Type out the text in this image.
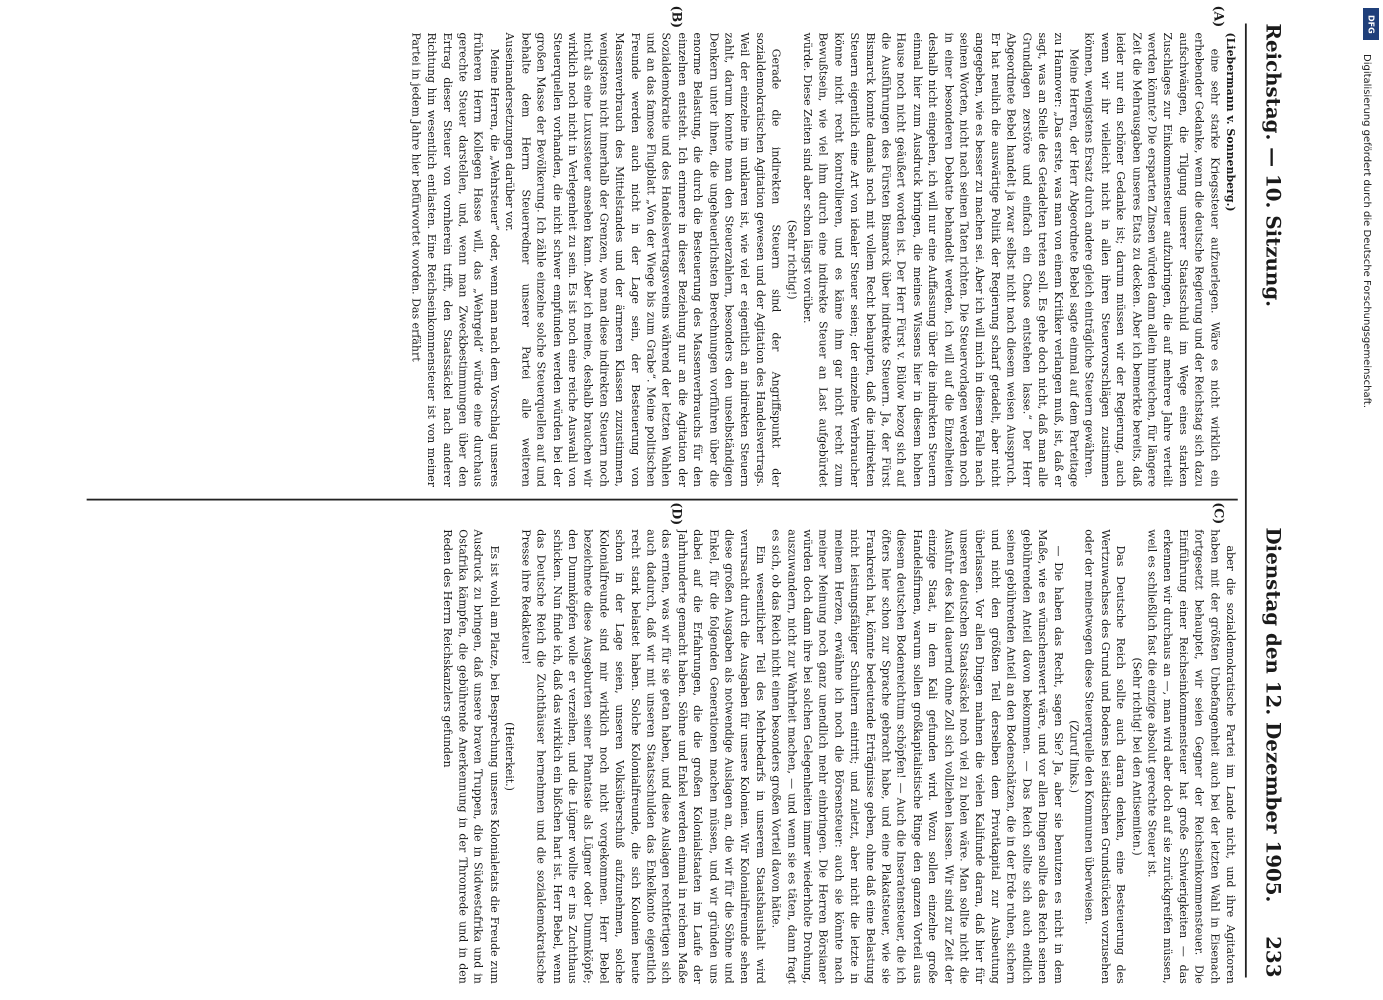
Reichstag. — 10. Sitzung.
Dienstag den 12. Dezember 1905.
233
(A)
(B)
(C)
(D)

(Liebermann v. Sonnenberg.)

eine sehr starke Kriegssteuer aufzuerlegen. Wäre es nicht wirklich ein erhebender Gedanke, wenn die deutsche Regierung und der Reichstag sich dazu aufschwängen, die Tilgung unserer Staatsschuld im Wege eines starken Zuschlages zur Einkommensteuer aufzubringen, die auf mehrere Jahre verteilt werden könnte? Die ersparten Zinsen würden dann allein hinreichen, für längere Zeit die Mehrausgaben unseres Etats zu decken. Aber ich bemerkte bereits, daß leider nur ein schöner Gedanke ist; darum müssen wir der Regierung, auch wenn wir ihr vielleicht nicht in allen ihren Steuervorschlägen zustimmen können, wenigstens Ersatz durch andere gleich einträgliche Steuern gewähren.

Meine Herren, der Herr Abgeordnete Bebel sagte einmal auf dem Parteitage zu Hannover: „Das erste, was man von einem Kritiker verlangen muß, ist, daß er sagt, was an Stelle des Getadelten treten soll. Es gehe doch nicht, daß man alle Grundlagen zerstöre und einfach ein Chaos entstehen lasse.“ Der Herr Abgeordnete Bebel handelt ja zwar selbst nicht nach diesem weisen Ausspruch. Er hat neulich die auswärtige Politik der Regierung scharf getadelt, aber nicht angegeben, wie es besser zu machen sei. Aber ich will mich in diesem Falle nach seinen Worten, nicht nach seinen Taten richten. Die Steuervorlagen werden noch in einer besonderen Debatte behandelt werden, ich will auf die Einzelheiten deshalb nicht eingehen, ich will nur eine Auffassung über die indirekten Steuern einmal hier zum Ausdruck bringen, die meines Wissens hier in diesem hohen Hause noch nicht geäußert worden ist. Der Herr Fürst v. Bülow bezog sich auf die Ausführungen des Fürsten Bismarck über indirekte Steuern. Ja, der Fürst Bismarck konnte damals noch mit vollem Recht behaupten, daß die indirekten Steuern eigentlich eine Art von idealer Steuer seien; der einzelne Verbraucher könne nicht recht kontrollieren, und es käme ihm gar nicht recht zum Bewußtsein, wie viel ihm durch eine indirekte Steuer an Last aufgebürdet würde. Diese Zeiten sind aber schon längst vorüber.

(Sehr richtig!)

Gerade die indirekten Steuern sind der Angriffspunkt der sozialdemokratischen Agitation gewesen und der Agitation des Handelsvertrags. Weil der einzelne im unklaren ist, wie viel er eigentlich an indirekten Steuern zahlt, darum konnte man den Steuerzahlern, besonders den unselbständigen Denkern unter ihnen, die ungeheuerlichsten Berechnungen vorführen über die enorme Belastung, die durch die Besteuerung des Massenverbrauchs für den einzelnen entsteht. Ich erinnere in dieser Beziehung nur an die Agitation der Sozialdemokratie und des Handelsvertragsvereins während der letzten Wahlen und an das famose Flugblatt „Von der Wiege bis zum Grabe“. Meine politischen Freunde werden auch nicht in der Lage sein, der Besteuerung von Massenverbrauch des Mittelstandes und der ärmeren Klassen zuzustimmen, wenigstens nicht innerhalb der Grenzen, wo man diese indirekten Steuern noch nicht als eine Luxussteuer ansehen kann. Aber ich meine, deshalb brauchen wir wirklich noch nicht in Verlegenheit zu sein. Es ist noch eine reiche Auswahl von Steuerquellen vorhanden, die nicht schwer empfunden werden würden bei der großen Masse der Bevölkerung. Ich zähle einzelne solche Steuerquellen auf und behalte dem Herrn Steuerredner unserer Partei alle weiteren Auseinandersetzungen darüber vor.

Meine Herren, die „Wehrsteuer“ oder, wenn man nach dem Vorschlag unseres früheren Herrn Kollegen Hasse will, das „Wehrgeld“ würde eine durchaus gerechte Steuer darstellen, und, wenn man Zweckbestimmungen über den Ertrag dieser Steuer von vornherein trifft, den Staatssäckel nach anderer Richtung hin wesentlich entlasten. Eine Reichseinkommensteuer ist von meiner Partei in jedem Jahre hier befürwortet worden. Das erfährt

aber die sozialdemokratische Partei im Lande nicht, und ihre Agitatoren haben mit der größten Unbefangenheit auch bei der letzten Wahl in Eisenach fortgesetzt behauptet, wir seien Gegner der Reichseinkommensteuer. Die Einführung einer Reichseinkommensteuer hat große Schwierigkeiten — das erkennen wir durchaus an —, man wird aber doch auf sie zurückgreifen müssen, weil es schließlich fast die einzige absolut gerechte Steuer ist.

(Sehr richtig! bei den Antisemiten.)

Das Deutsche Reich sollte auch daran denken, eine Besteuerung des Wertzuwachses des Grund und Bodens bei städtischen Grundstücken vorzusehen oder der meinetwegen diese Steuerquelle den Kommunen überweisen.

(Zuruf links.)

— Die haben das Recht, sagen Sie? Ja, aber sie benutzen es nicht in dem Maße, wie es wünschenswert wäre, und vor allen Dingen sollte das Reich seinen gebührenden Anteil davon bekommen. — Das Reich sollte sich auch endlich seinen gebührenden Anteil an den Bodenschätzen, die in der Erde ruhen, sichern und nicht den größten Teil derselben dem Privatkapital zur Ausbeutung überlassen. Vor allen Dingen mahnen die vielen Kalifunde daran, daß hier für unseren deutschen Staatssäckel noch viel zu holen wäre. Man sollte nicht die Ausfuhr des Kali dauernd ohne Zoll sich vollziehen lassen. Wir sind zur Zeit der einzige Staat, in dem Kali gefunden wird. Wozu sollen einzelne große Handelsfirmen, warum sollen großkapitalistische Ringe den ganzen Vorteil aus diesem deutschen Bodenreichtum schöpfen! — Auch die Inseratensteuer, die ich öfters hier schon zur Sprache gebracht habe, und eine Plakatsteuer, wie sie Frankreich hat, könnte bedeutende Erträgnisse geben, ohne daß eine Belastung nicht leistungsfähiger Schultern eintritt; und zuletzt, aber nicht die letzte in meinem Herzen, erwähne ich noch die Börsensteuer: auch sie könnte nach meiner Meinung noch ganz unendlich mehr einbringen. Die Herren Börsianer würden doch dann ihre bei solchen Gelegenheiten immer wiederholte Drohung, auszuwandern, nicht zur Wahrheit machen, — und wenn sie es täten, dann fragt es sich, ob das Reich nicht einen besonders großen Vorteil davon hätte.

Ein wesentlicher Teil des Mehrbedarfs in unserem Staatshaushalt wird verursacht durch die Ausgaben für unsere Kolonien. Wir Kolonialfreunde sehen diese großen Ausgaben als notwendige Auslagen an, die wir für die Söhne und Enkel, für die folgenden Generationen machen müssen, und wir gründen uns dabei auf die Erfahrungen, die die großen Kolonialstaaten im Laufe der Jahrhunderte gemacht haben. Söhne und Enkel werden einmal in reichem Maße das ernten, was wir für sie getan haben, und diese Auslagen rechtfertigen sich auch dadurch, daß wir mit unseren Staatsschulden das Enkelkonto eigentlich recht stark belastet haben. Solche Kolonialfreunde, die sich Kolonien heute schon in der Lage seien, unseren Volksüberschuß aufzunehmen, solche Kolonialfreunde sind mir wirklich noch nicht vorgekommen. Herr Bebel bezeichnete diese Ausgeburten seiner Phantasie als Lügner oder Dummköpfe; den Dummköpfen wolle er verzeihen, und die Lügner wollte er ins Zuchthaus schicken. Nun finde ich, daß das wirklich ein bißchen hart ist. Herr Bebel, wenn das Deutsche Reich die Zuchthäuser hernehmen und die sozialdemokratische Presse ihre Redakteure!

(Heiterkeit.)

Es ist wohl am Platze, bei Besprechung unseres Kolonialetats die Freude zum Ausdruck zu bringen, daß unsere braven Truppen, die in Südwestafrika und in Ostafrika kämpfen, die gebührende Anerkennung in der Thronrede und in den Reden des Herrn Reichskanzlers gefunden

Digitalisierung gefördert durch die Deutsche Forschungsgemeinschaft.
DFG
